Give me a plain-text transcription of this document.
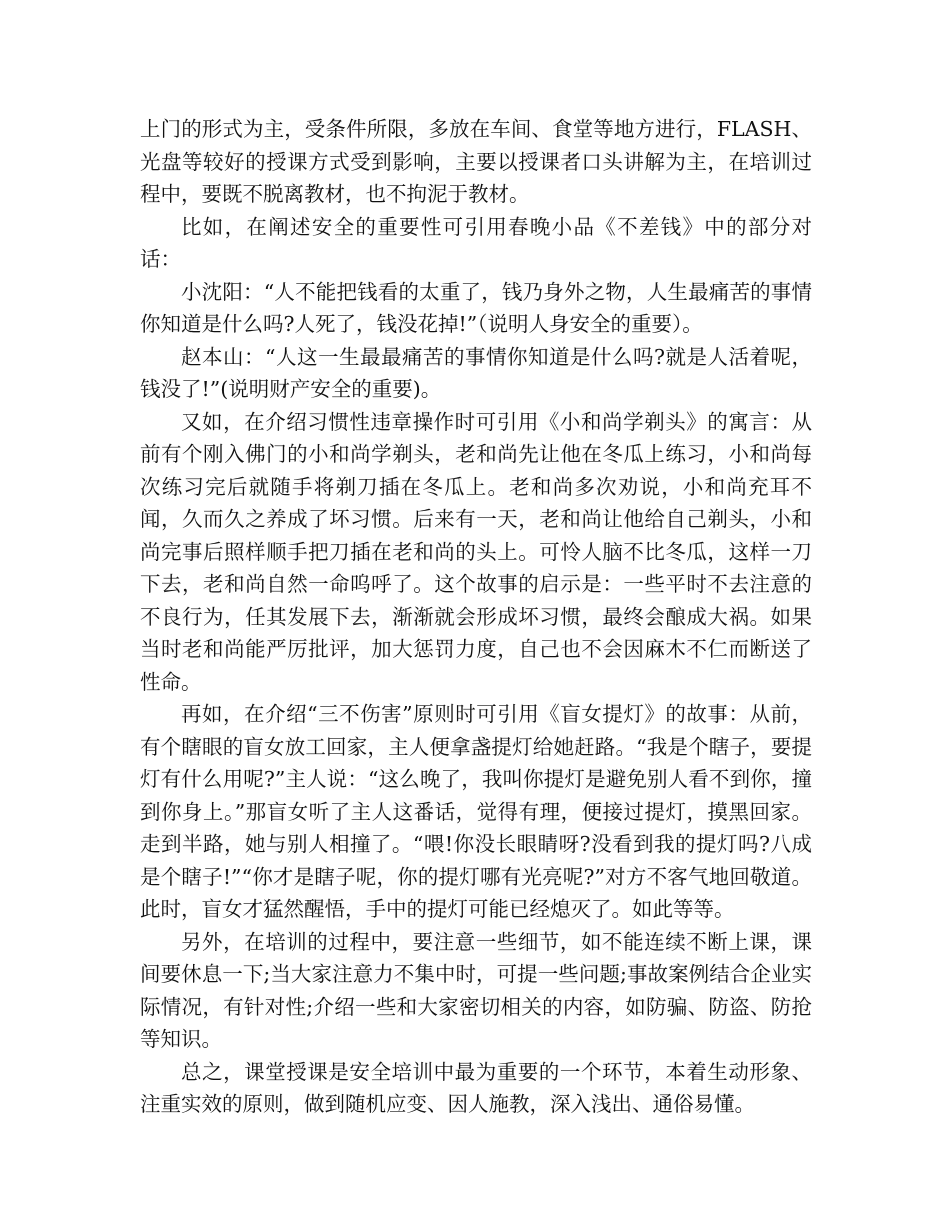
上门的形式为主，受条件所限，多放在车间、食堂等地方进行，FLASH、光盘等较好的授课方式受到影响，主要以授课者口头讲解为主，在培训过程中，要既不脱离教材，也不拘泥于教材。

比如，在阐述安全的重要性可引用春晚小品《不差钱》中的部分对话：

小沈阳：“人不能把钱看的太重了，钱乃身外之物，人生最痛苦的事情你知道是什么吗?人死了，钱没花掉!”（说明人身安全的重要）。

赵本山：“人这一生最最痛苦的事情你知道是什么吗?就是人活着呢，钱没了!”(说明财产安全的重要)。

又如，在介绍习惯性违章操作时可引用《小和尚学剃头》的寓言：从前有个刚入佛门的小和尚学剃头，老和尚先让他在冬瓜上练习，小和尚每次练习完后就随手将剃刀插在冬瓜上。老和尚多次劝说，小和尚充耳不闻，久而久之养成了坏习惯。后来有一天，老和尚让他给自己剃头，小和尚完事后照样顺手把刀插在老和尚的头上。可怜人脑不比冬瓜，这样一刀下去，老和尚自然一命呜呼了。这个故事的启示是：一些平时不去注意的不良行为，任其发展下去，渐渐就会形成坏习惯，最终会酿成大祸。如果当时老和尚能严厉批评，加大惩罚力度，自己也不会因麻木不仁而断送了性命。

再如，在介绍“三不伤害”原则时可引用《盲女提灯》的故事：从前，有个瞎眼的盲女放工回家，主人便拿盏提灯给她赶路。“我是个瞎子，要提灯有什么用呢?”主人说：“这么晚了，我叫你提灯是避免别人看不到你，撞到你身上。”那盲女听了主人这番话，觉得有理，便接过提灯，摸黑回家。走到半路，她与别人相撞了。“喂!你没长眼睛呀?没看到我的提灯吗?八成是个瞎子!”“你才是瞎子呢，你的提灯哪有光亮呢?”对方不客气地回敬道。此时，盲女才猛然醒悟，手中的提灯可能已经熄灭了。如此等等。

另外，在培训的过程中，要注意一些细节，如不能连续不断上课，课间要休息一下;当大家注意力不集中时，可提一些问题;事故案例结合企业实际情况，有针对性;介绍一些和大家密切相关的内容，如防骗、防盗、防抢等知识。

总之，课堂授课是安全培训中最为重要的一个环节，本着生动形象、注重实效的原则，做到随机应变、因人施教，深入浅出、通俗易懂。
